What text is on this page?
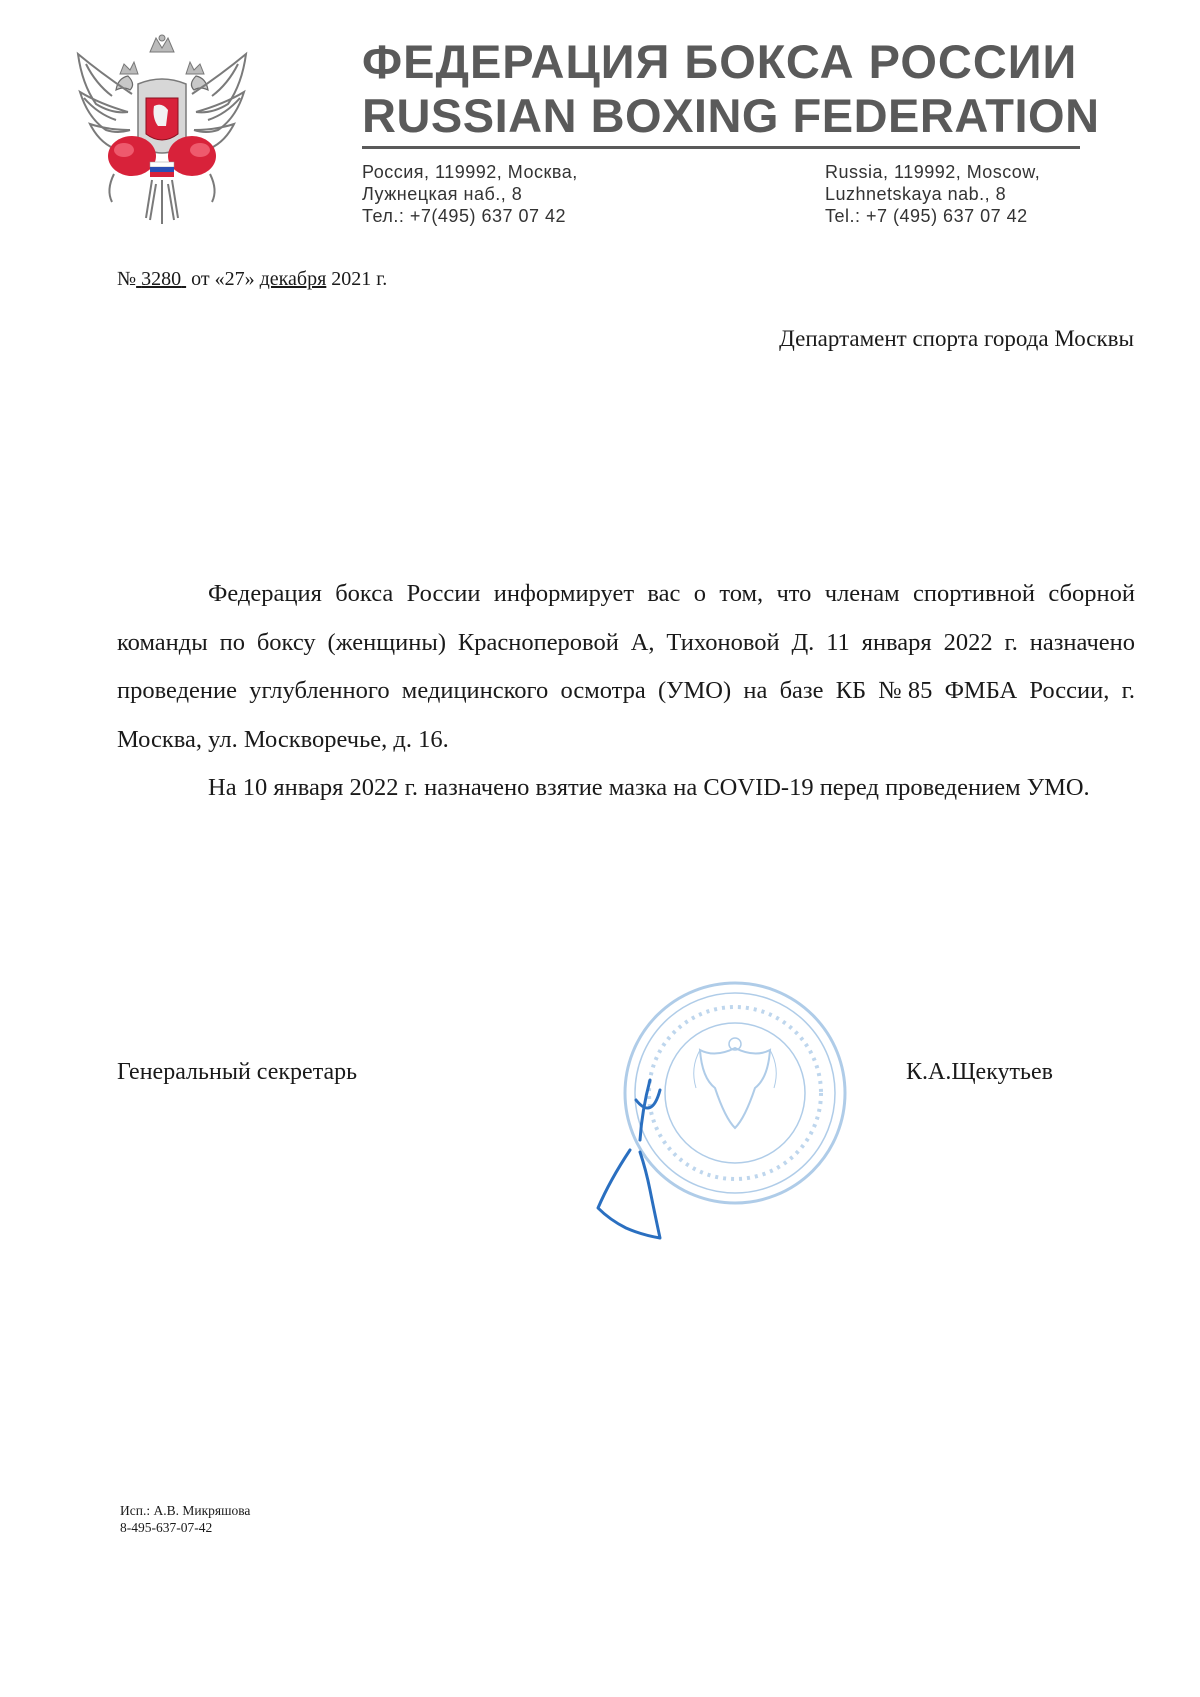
ФЕДЕРАЦИЯ БОКСА РОССИИ
RUSSIAN BOXING FEDERATION
Россия, 119992, Москва,
Лужнецкая наб., 8
Тел.: +7(495) 637 07 42
Russia, 119992, Moscow,
Luzhnetskaya nab., 8
Tel.: +7 (495) 637 07 42
№ 3280 от «27» декабря 2021 г.
Департамент спорта города Москвы

Федерация бокса России информирует вас о том, что членам спортивной сборной команды по боксу (женщины) Красноперовой А, Тихоновой Д. 11 января 2022 г. назначено проведение углубленного медицинского осмотра (УМО) на базе КБ №85 ФМБА России, г. Москва, ул. Москворечье, д. 16.

На 10 января 2022 г. назначено взятие мазка на COVID-19 перед проведением УМО.

Генеральный секретарь	К.А.Щекутьев
Исп.: А.В. Микряшова
8-495-637-07-42
